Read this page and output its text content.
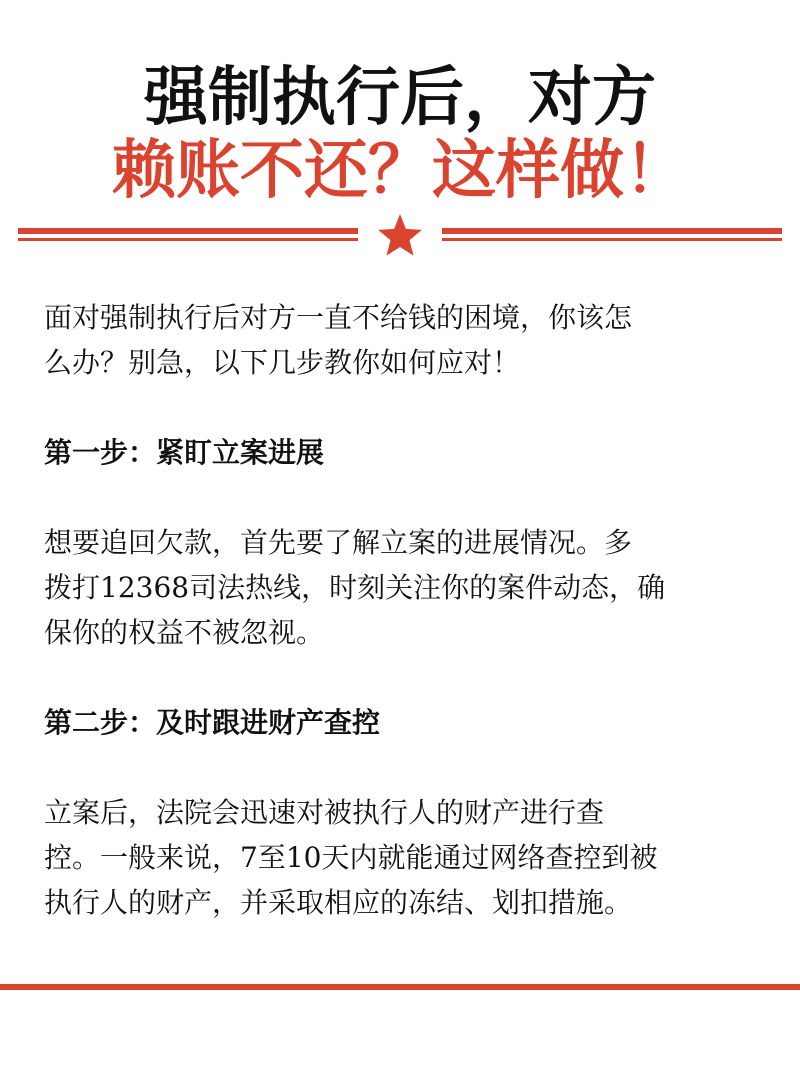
强制执行后，对方
赖账不还？这样做！

面对强制执行后对方一直不给钱的困境，你该怎

么办？别急，以下几步教你如何应对！

第一步：紧盯立案进展

想要追回欠款，首先要了解立案的进展情况。多

拨打12368司法热线，时刻关注你的案件动态，确

保你的权益不被忽视。

第二步：及时跟进财产查控

立案后，法院会迅速对被执行人的财产进行查

控。一般来说，7至10天内就能通过网络查控到被

执行人的财产，并采取相应的冻结、划扣措施。
